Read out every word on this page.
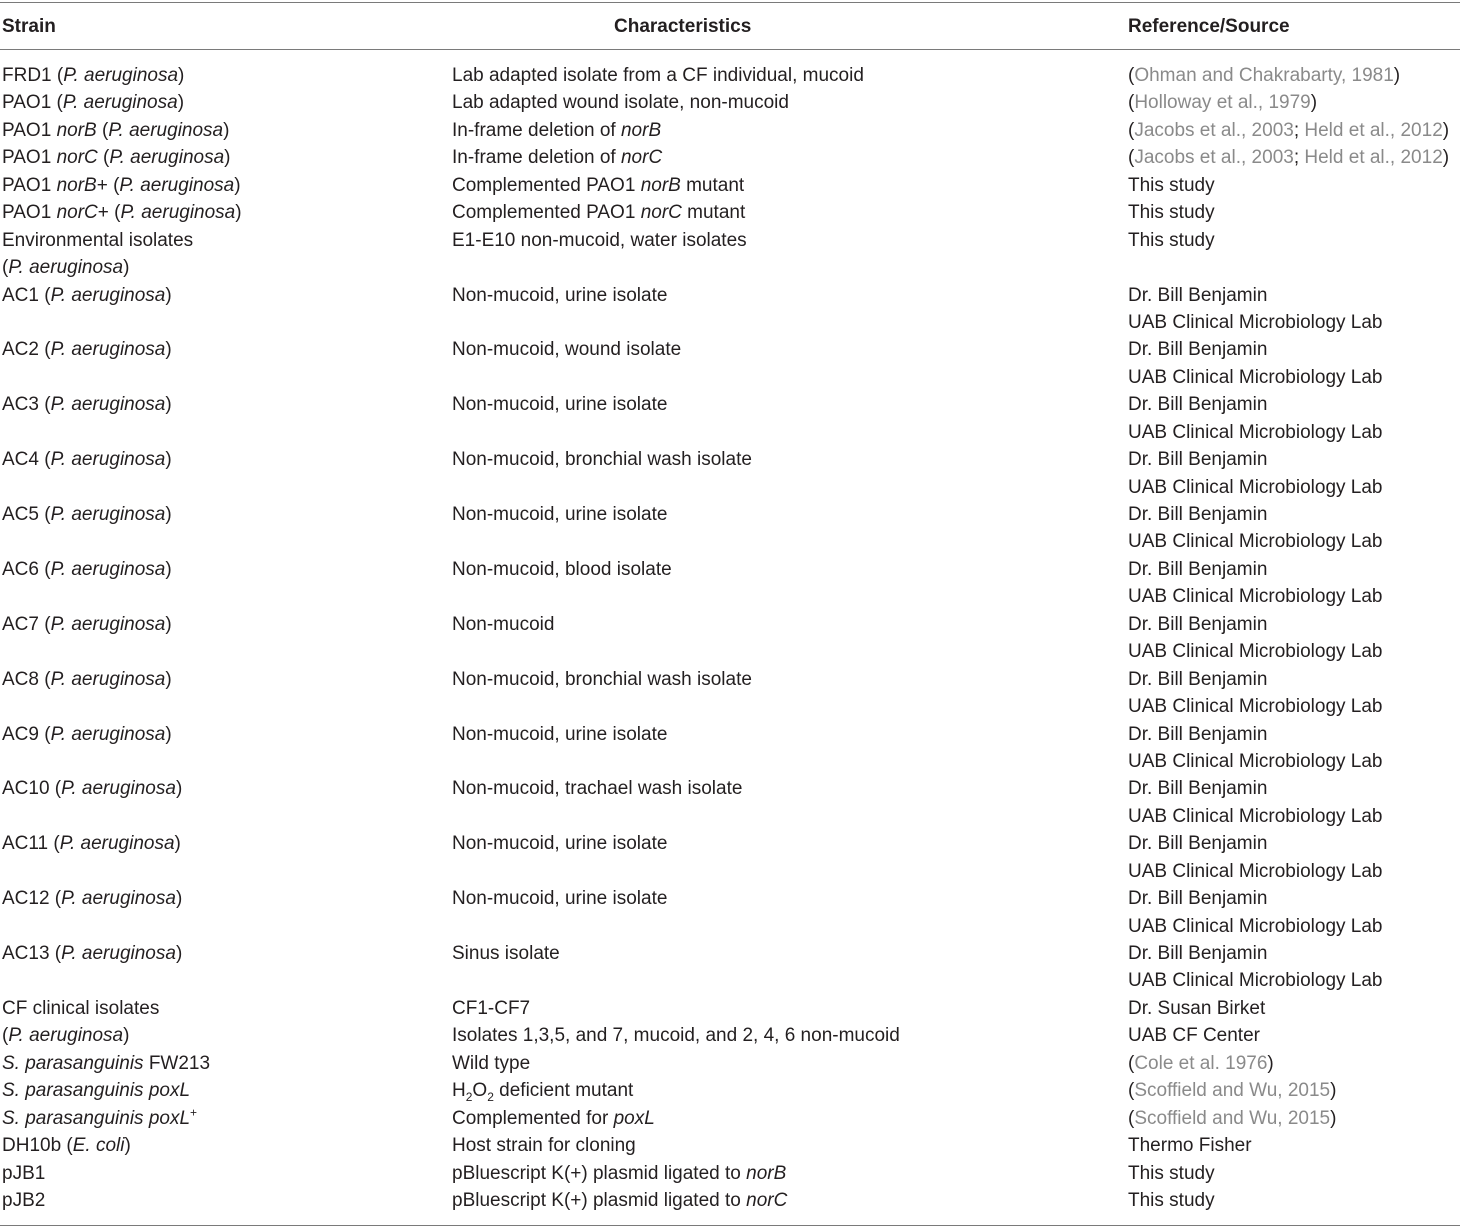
Strain	Characteristics	Reference/Source
FRD1 (P. aeruginosa)	Lab adapted isolate from a CF individual, mucoid	(Ohman and Chakrabarty, 1981)
PAO1 (P. aeruginosa)	Lab adapted wound isolate, non-mucoid	(Holloway et al., 1979)
PAO1 norB (P. aeruginosa)	In-frame deletion of norB	(Jacobs et al., 2003; Held et al., 2012)
PAO1 norC (P. aeruginosa)	In-frame deletion of norC	(Jacobs et al., 2003; Held et al., 2012)
PAO1 norB+ (P. aeruginosa)	Complemented PAO1 norB mutant	This study
PAO1 norC+ (P. aeruginosa)	Complemented PAO1 norC mutant	This study
Environmental isolates	E1-E10 non-mucoid, water isolates	This study
(P. aeruginosa)
AC1 (P. aeruginosa)	Non-mucoid, urine isolate	Dr. Bill Benjamin
UAB Clinical Microbiology Lab
AC2 (P. aeruginosa)	Non-mucoid, wound isolate	Dr. Bill Benjamin
UAB Clinical Microbiology Lab
AC3 (P. aeruginosa)	Non-mucoid, urine isolate	Dr. Bill Benjamin
UAB Clinical Microbiology Lab
AC4 (P. aeruginosa)	Non-mucoid, bronchial wash isolate	Dr. Bill Benjamin
UAB Clinical Microbiology Lab
AC5 (P. aeruginosa)	Non-mucoid, urine isolate	Dr. Bill Benjamin
UAB Clinical Microbiology Lab
AC6 (P. aeruginosa)	Non-mucoid, blood isolate	Dr. Bill Benjamin
UAB Clinical Microbiology Lab
AC7 (P. aeruginosa)	Non-mucoid	Dr. Bill Benjamin
UAB Clinical Microbiology Lab
AC8 (P. aeruginosa)	Non-mucoid, bronchial wash isolate	Dr. Bill Benjamin
UAB Clinical Microbiology Lab
AC9 (P. aeruginosa)	Non-mucoid, urine isolate	Dr. Bill Benjamin
UAB Clinical Microbiology Lab
AC10 (P. aeruginosa)	Non-mucoid, trachael wash isolate	Dr. Bill Benjamin
UAB Clinical Microbiology Lab
AC11 (P. aeruginosa)	Non-mucoid, urine isolate	Dr. Bill Benjamin
UAB Clinical Microbiology Lab
AC12 (P. aeruginosa)	Non-mucoid, urine isolate	Dr. Bill Benjamin
UAB Clinical Microbiology Lab
AC13 (P. aeruginosa)	Sinus isolate	Dr. Bill Benjamin
UAB Clinical Microbiology Lab
CF clinical isolates	CF1-CF7	Dr. Susan Birket
(P. aeruginosa)	Isolates 1,3,5, and 7, mucoid, and 2, 4, 6 non-mucoid	UAB CF Center
S. parasanguinis FW213	Wild type	(Cole et al. 1976)
S. parasanguinis poxL	$H_2O_2$ deficient mutant	(Scoffield and Wu, 2015)
S. parasanguinis poxL+	Complemented for poxL	(Scoffield and Wu, 2015)
DH10b (E. coli)	Host strain for cloning	Thermo Fisher
pJB1	pBluescript K(+) plasmid ligated to norB	This study
pJB2	pBluescript K(+) plasmid ligated to norC	This study
